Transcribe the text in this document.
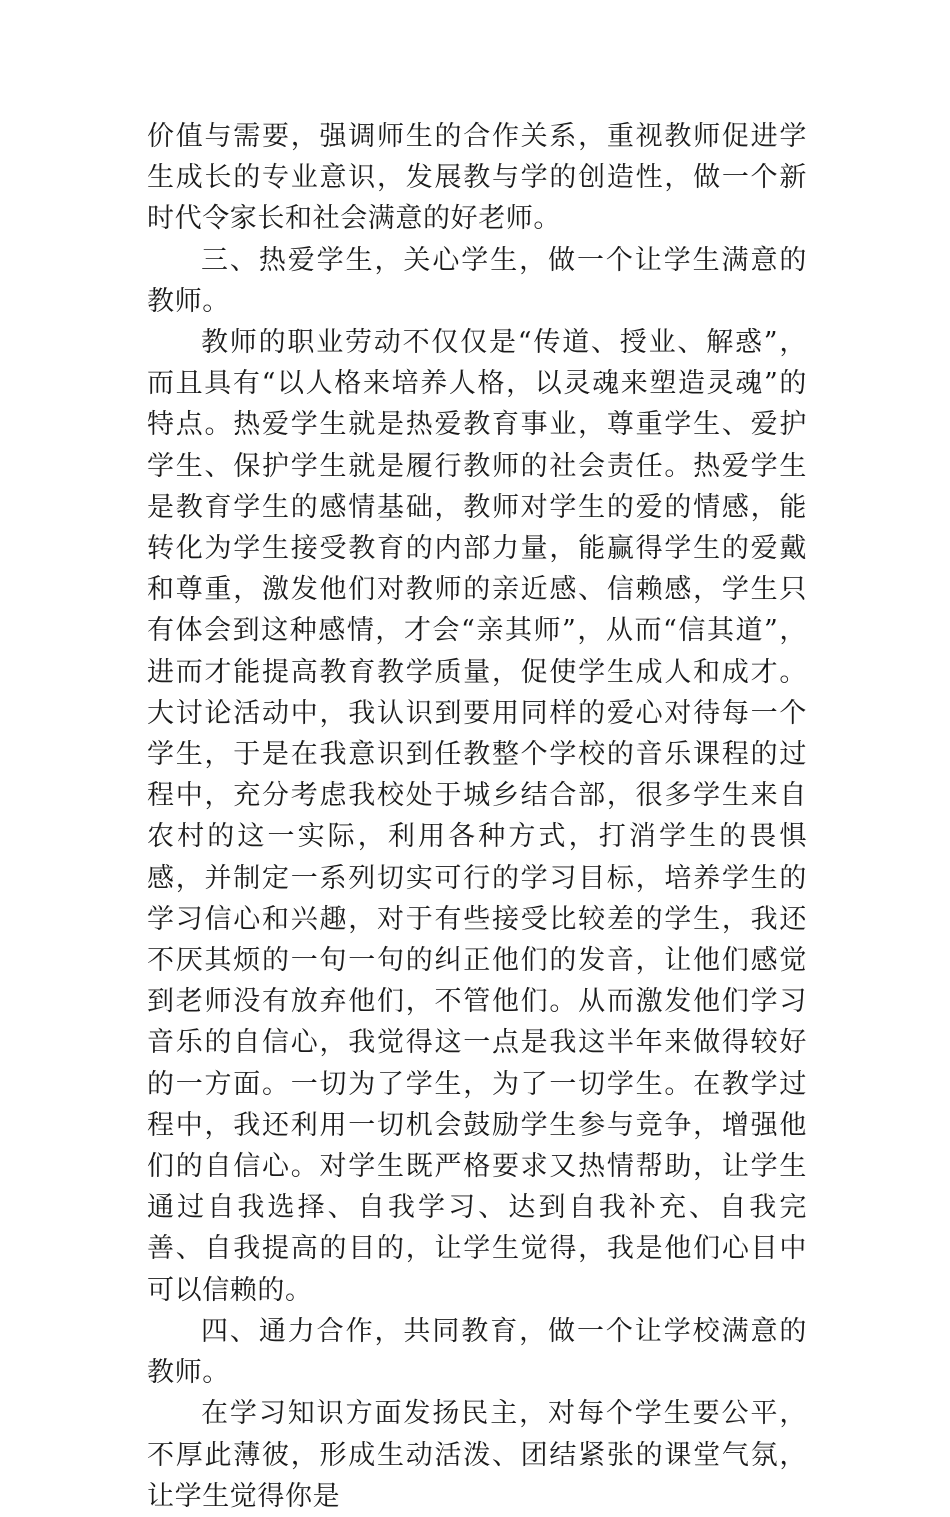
价值与需要，强调师生的合作关系，重视教师促进学生成长的专业意识，发展教与学的创造性，做一个新时代令家长和社会满意的好老师。

三、热爱学生，关心学生，做一个让学生满意的教师。

教师的职业劳动不仅仅是“传道、授业、解惑”，而且具有“以人格来培养人格，以灵魂来塑造灵魂”的特点。热爱学生就是热爱教育事业，尊重学生、爱护学生、保护学生就是履行教师的社会责任。热爱学生是教育学生的感情基础，教师对学生的爱的情感，能转化为学生接受教育的内部力量，能赢得学生的爱戴和尊重，激发他们对教师的亲近感、信赖感，学生只有体会到这种感情，才会“亲其师”，从而“信其道”，进而才能提高教育教学质量，促使学生成人和成才。大讨论活动中，我认识到要用同样的爱心对待每一个学生，于是在我意识到任教整个学校的音乐课程的过程中，充分考虑我校处于城乡结合部，很多学生来自农村的这一实际，利用各种方式，打消学生的畏惧感，并制定一系列切实可行的学习目标，培养学生的学习信心和兴趣，对于有些接受比较差的学生，我还不厌其烦的一句一句的纠正他们的发音，让他们感觉到老师没有放弃他们，不管他们。从而激发他们学习音乐的自信心，我觉得这一点是我这半年来做得较好的一方面。一切为了学生，为了一切学生。在教学过程中，我还利用一切机会鼓励学生参与竞争，增强他们的自信心。对学生既严格要求又热情帮助，让学生通过自我选择、自我学习、达到自我补充、自我完善、自我提高的目的，让学生觉得，我是他们心目中可以信赖的。

四、通力合作，共同教育，做一个让学校满意的教师。

在学习知识方面发扬民主，对每个学生要公平，不厚此薄彼，形成生动活泼、团结紧张的课堂气氛，让学生觉得你是
